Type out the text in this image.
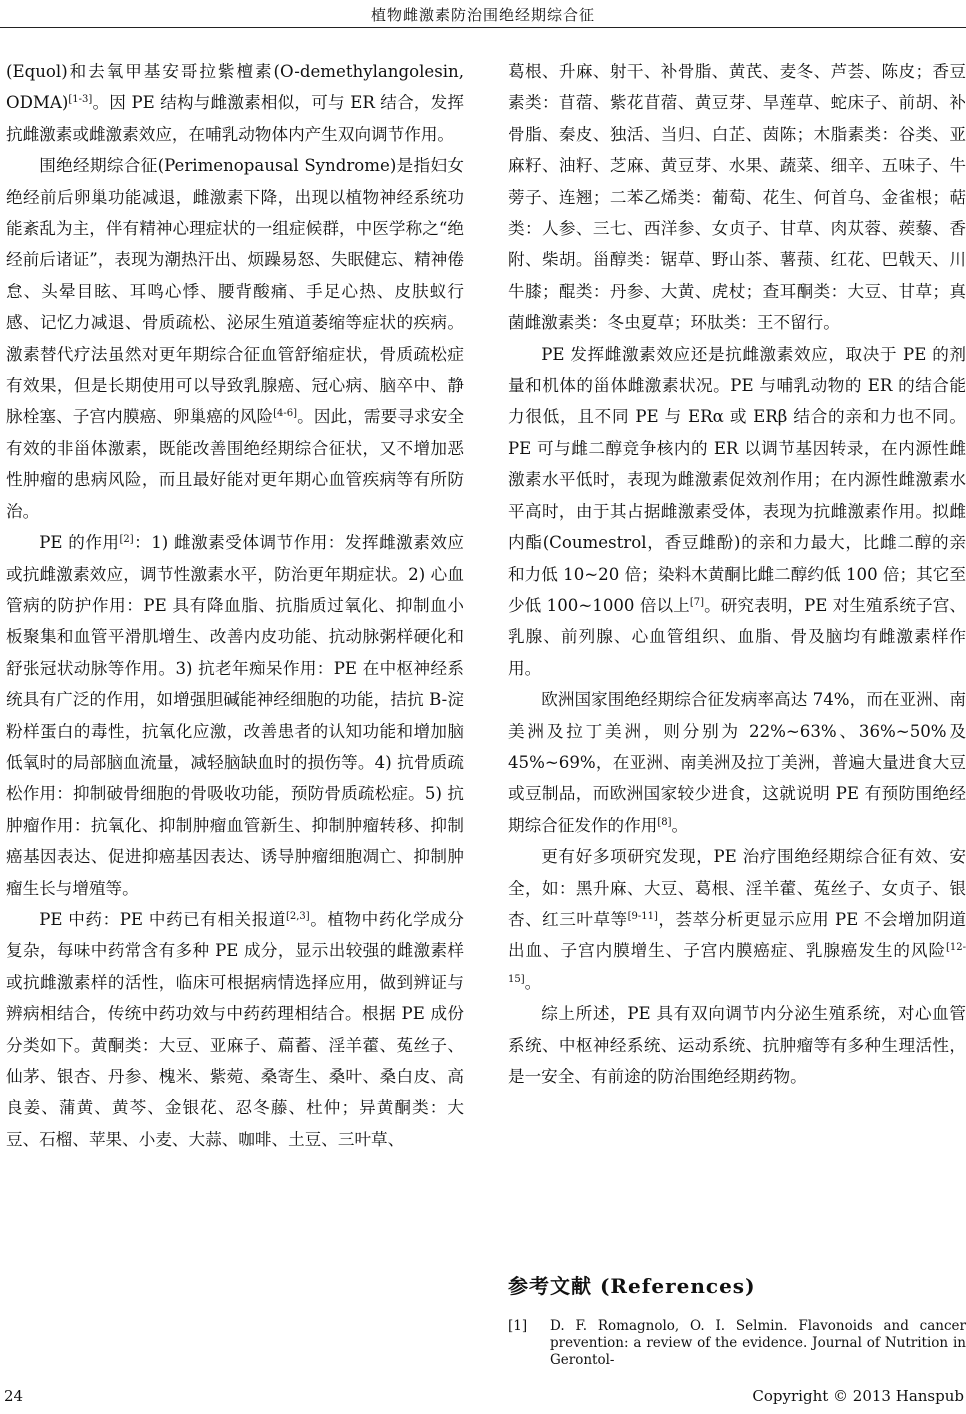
植物雌激素防治围绝经期综合征

(Equol)和去氧甲基安哥拉紫檀素(O-demethylangolesin, ODMA)[1-3]。因 PE 结构与雌激素相似，可与 ER 结合，发挥抗雌激素或雌激素效应，在哺乳动物体内产生双向调节作用。

围绝经期综合征(Perimenopausal Syndrome)是指妇女绝经前后卵巢功能减退，雌激素下降，出现以植物神经系统功能紊乱为主，伴有精神心理症状的一组症候群，中医学称之“绝经前后诸证”，表现为潮热汗出、烦躁易怒、失眠健忘、精神倦怠、头晕目眩、耳鸣心悸、腰背酸痛、手足心热、皮肤蚁行感、记忆力减退、骨质疏松、泌尿生殖道萎缩等症状的疾病。激素替代疗法虽然对更年期综合征血管舒缩症状，骨质疏松症有效果，但是长期使用可以导致乳腺癌、冠心病、脑卒中、静脉栓塞、子宫内膜癌、卵巢癌的风险[4-6]。因此，需要寻求安全有效的非甾体激素，既能改善围绝经期综合征状，又不增加恶性肿瘤的患病风险，而且最好能对更年期心血管疾病等有所防治。

PE 的作用[2]：1) 雌激素受体调节作用：发挥雌激素效应或抗雌激素效应，调节性激素水平，防治更年期症状。2) 心血管病的防护作用：PE 具有降血脂、抗脂质过氧化、抑制血小板聚集和血管平滑肌增生、改善内皮功能、抗动脉粥样硬化和舒张冠状动脉等作用。3) 抗老年痴呆作用：PE 在中枢神经系统具有广泛的作用，如增强胆碱能神经细胞的功能，拮抗 B-淀粉样蛋白的毒性，抗氧化应激，改善患者的认知功能和增加脑低氧时的局部脑血流量，减轻脑缺血时的损伤等。4) 抗骨质疏松作用：抑制破骨细胞的骨吸收功能，预防骨质疏松症。5) 抗肿瘤作用：抗氧化、抑制肿瘤血管新生、抑制肿瘤转移、抑制癌基因表达、促进抑癌基因表达、诱导肿瘤细胞凋亡、抑制肿瘤生长与增殖等。

PE 中药：PE 中药已有相关报道[2,3]。植物中药化学成分复杂，每味中药常含有多种 PE 成分，显示出较强的雌激素样或抗雌激素样的活性，临床可根据病情选择应用，做到辨证与辨病相结合，传统中药功效与中药药理相结合。根据 PE 成份分类如下。黄酮类：大豆、亚麻子、萹蓄、淫羊藿、菟丝子、仙茅、银杏、丹参、槐米、紫菀、桑寄生、桑叶、桑白皮、高良姜、蒲黄、黄芩、金银花、忍冬藤、杜仲；异黄酮类：大豆、石榴、苹果、小麦、大蒜、咖啡、土豆、三叶草、

葛根、升麻、射干、补骨脂、黄芪、麦冬、芦荟、陈皮；香豆素类：苜蓿、紫花苜蓿、黄豆芽、旱莲草、蛇床子、前胡、补骨脂、秦皮、独活、当归、白芷、茵陈；木脂素类：谷类、亚麻籽、油籽、芝麻、黄豆芽、水果、蔬菜、细辛、五味子、牛蒡子、连翘；二苯乙烯类：葡萄、花生、何首乌、金雀根；萜类：人参、三七、西洋参、女贞子、甘草、肉苁蓉、蒺藜、香附、柴胡。甾醇类：锯草、野山茶、薯蓣、红花、巴戟天、川牛膝；醌类：丹参、大黄、虎杖；查耳酮类：大豆、甘草；真菌雌激素类：冬虫夏草；环肽类：王不留行。

PE 发挥雌激素效应还是抗雌激素效应，取决于 PE 的剂量和机体的甾体雌激素状况。PE 与哺乳动物的 ER 的结合能力很低，且不同 PE 与 ERα 或 ERβ 结合的亲和力也不同。PE 可与雌二醇竞争核内的 ER 以调节基因转录，在内源性雌激素水平低时，表现为雌激素促效剂作用；在内源性雌激素水平高时，由于其占据雌激素受体，表现为抗雌激素作用。拟雌内酯(Coumestrol，香豆雌酚)的亲和力最大，比雌二醇的亲和力低 10~20 倍；染料木黄酮比雌二醇约低 100 倍；其它至少低 100~1000 倍以上[7]。研究表明，PE 对生殖系统子宫、乳腺、前列腺、心血管组织、血脂、骨及脑均有雌激素样作用。

欧洲国家围绝经期综合征发病率高达 74%，而在亚洲、南美洲及拉丁美洲，则分别为 22%~63%、36%~50%及 45%~69%，在亚洲、南美洲及拉丁美洲，普遍大量进食大豆或豆制品，而欧洲国家较少进食，这就说明 PE 有预防围绝经期综合征发作的作用[8]。

更有好多项研究发现，PE 治疗围绝经期综合征有效、安全，如：黑升麻、大豆、葛根、淫羊藿、菟丝子、女贞子、银杏、红三叶草等[9-11]，荟萃分析更显示应用 PE 不会增加阴道出血、子宫内膜增生、子宫内膜癌症、乳腺癌发生的风险[12-15]。

综上所述，PE 具有双向调节内分泌生殖系统，对心血管系统、中枢神经系统、运动系统、抗肿瘤等有多种生理活性，是一安全、有前途的防治围绝经期药物。

参考文献 (References)
[1] D. F. Romagnolo, O. I. Selmin. Flavonoids and cancer prevention: a review of the evidence. Journal of Nutrition in Gerontol-
24	Copyright © 2013 Hanspub
